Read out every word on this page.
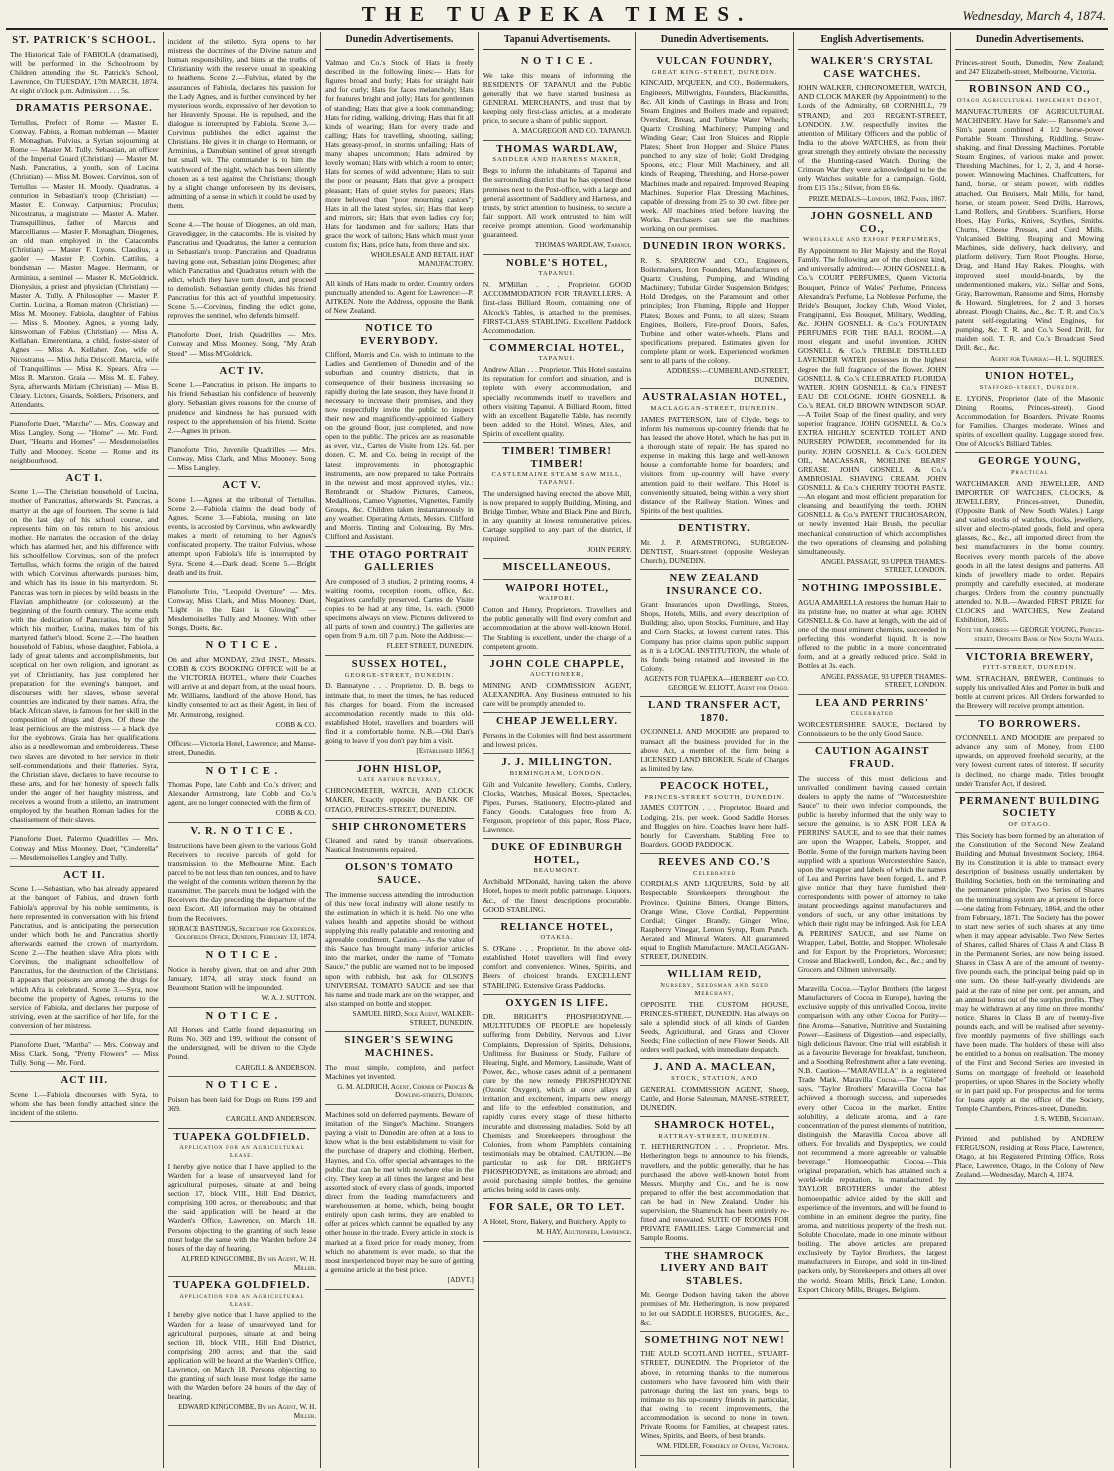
THE TUAPEKA TIMES.	Wednesday, March 4, 1874.
ST. PATRICK'S SCHOOL.
The Historical Tale of FABIOLA (dramatised), will be performed in the Schoolroom by Children attending the St. Patrick's School, Lawrence, On TUESDAY, 17th MARCH, 1874. At eight o'clock p.m. Admission . . . 5s.
DRAMATIS PERSONAE.
Tertullus, Prefect of Rome — Master E. Conway. Fabius, a Roman nobleman — Master F. Monaghan. Fulvius, a Syrian sojourning at Rome — Master M. Tully. Sebastian, an officer of the Imperial Guard (Christian) — Master M. Nash. Pancratius, a youth, son of Lucina (Christian) — Miss M. Bowes. Corvinus, son of Tertullus — Master H. Moody. Quadratus, a centurion in Sebastian's troop (Christian) — Master E. Conway. Catpurnius; Proculus; Nicostratus, a magistrate — Master A. Maher. Transquillinus, father of Marcus and Marcellianus — Master F. Monaghan. Diogenes, an old man employed in the Catacombs (Christian) — Master F. Lyons. Claudius, a gaoler — Master P. Corbin. Cattilus, a bondsman — Master Magee. Hermann, or Arminius, a sentinel — Master K. McGoldrick. Dionysius, a priest and physician (Christian) — Master A. Tully. A Philosopher — Master P. Curtin. Lucina, a Roman matron (Christian) — Miss M. Mooney. Fabiola, daughter of Fabius — Miss S. Mooney. Agnes, a young lady, kinswoman of Fabius (Christian) — Miss A. Kellahan. Emerentiana, a child, foster-sister of Agnes — Miss A. Kellaher. Zoe, wife of Nicostratus — Miss Julia Driscoll. Marcia, wife of Tranquillinus — Miss K. Spears. Afra — Miss R. Marston. Graia — Miss M. E. Fahey. Syra, afterwards Miriam (Christian) — Miss B. Cleary. Lictors, Guards, Soldiers, Prisoners, and Attendants.
Pianoforte Duet, "Marche" — Mrs. Conway and Miss Langley. Song — "Home" — Mr. Ford. Duet, "Hearts and Homes" — Mesdemoiselles Tully and Mooney. Scene — Rome and its neighbourhood.
ACT I.
Scene 1.—The Christian household of Lucina, mother of Pancratius, afterwards St. Pancras, a martyr at the age of fourteen. The scene is laid on the last day of his school course, and represents him on his return to his anxious mother. He narrates the occasion of the delay which has alarmed her, and his difference with his schoolfellow Corvinus, son of the prefect Tertullus, which forms the origin of the hatred with which Corvinus afterwards pursues him, and which has its issue in his martyrdom. St. Pancras was torn in pieces by wild beasts in the Flavian amphitheatre (or colosseum) at the beginning of the fourth century. The scene ends with the dedication of Pancratius, by the gift which his mother, Lucina, makes him of his martyred father's blood. Scene 2.—The heathen household of Fabius, whose daughter, Fabiola, a lady of great talents and accomplishments, but sceptical on her own religion, and ignorant as yet of Christianity, has just completed her preparation for the evening's banquet, and discourses with her slaves, whose several countries are indicated by their names. Afra, the black African slave, is famous for her skill in the composition of drugs and dyes. Of these the least pernicious are the mistress — a black dye for the eyebrows. Graia has her qualifications also as a needlewoman and embroideress. These two slaves are devoted to her service in their self-commendations and their flatteries. Syra, the Christian slave, declares to have recourse to these arts, and for her honesty of speech falls under the anger of her haughty mistress, and receives a wound from a stiletto, an instrument employed by the heathen Roman ladies for the chastisement of their slaves.
Pianoforte Duet, Palermo Quadrilles — Mrs. Conway and Miss Mooney. Duet, "Cinderella" — Mesdemoiselles Langley and Tully.
ACT II.
Scene 1.—Sebastian, who has already appeared at the banquet of Fabius, and drawn forth Fabiola's approval by his noble sentiments, is here represented in conversation with his friend Pancratius, and is anticipating the persecution under which both he and Pancratius shortly afterwards earned the crown of martyrdom. Scene 2.—The heathen slave Afra plots with Corvinus, the malignant schoolfellow of Pancratius, for the destruction of the Christians. It appears that poisons are among the drugs for which Afra is celebrated. Scene 3.—Syra, now become the property of Agnes, returns to the service of Fabiola, and declares her purpose of striving, even at the sacrifice of her life, for the conversion of her mistress.
Pianoforte Duet, "Martha" — Mrs. Conway and Miss Clark. Song, "Pretty Flowers" — Miss Tully. Song — Mr. Ford.
ACT III.
Scene 1.—Fabiola discourses with Syra, to whom she has been fondly attached since the incident of the stiletto.
incident of the stiletto. Syra opens to her mistress the doctrines of the Divine nature and human responsibility, and hints at the truths of Christianity with the reserve usual in speaking to heathens. Scene 2.—Fulvius, elated by the assurances of Fabiola, declares his passion for the Lady Agnes, and is further convinced by her mysterious words, expressive of her devotion to her Heavenly Spouse. He is repulsed, and the dialogue is interrupted by Fabiola. Scene 3.—Corvinus publishes the edict against the Christians. He gives it in charge to Hermann, or Arminius, a Danubian sentinel of great strength but small wit. The commander is to him the watchword of the night, which has been silently chosen as a test against the Christians; though by a slight change unforeseen by its devisers, admitting of a sense in which it could be used by them.
Scene 4.—The house of Diogenes, an old man, Gravedigger, in the catacombs. He is visited by Pancratius and Quadratus, the latter a centurion in Sebastian's troop. Pancratius and Quadratus having gone out, Sebastian joins Diogenes; after which Pancratius and Quadratus return with the edict, which they have torn down, and proceed to demolish. Sebastian gently chides his friend Pancratius for this act of youthful impetuosity. Scene 5.—Corvinus, finding the edict gone, reproves the sentinel, who defends himself.
Pianoforte Duet, Irish Quadrilles — Mrs. Conway and Miss Mooney. Song, "My Arab Steed" — Miss M'Goldrick.
ACT IV.
Scene 1.—Pancratius in prison. He imparts to his friend Sebastian his confidence of heavenly glory. Sebastian gives reasons for the course of prudence and kindness he has pursued with respect to the apprehension of his friend. Scene 2.—Agnes in prison.
Pianoforte Trio, Juvenile Quadrilles — Mrs. Conway, Miss Clark, and Miss Mooney. Song — Miss Langley.
ACT V.
Scene 1.—Agnes at the tribunal of Tertullus. Scene 2.—Fabiola claims the dead body of Agnes. Scene 3.—Fabiola, musing on late events, is accosted by Corvinus, who awkwardly makes a merit of returning to her Agnes's confiscated property. The traitor Fulvius, whose attempt upon Fabiola's life is interrupted by Syra. Scene 4.—Dark dead. Scene 5.—Bright death and its fruit.
Pianoforte Trio, "Leopold Overture" — Mrs. Conway, Miss Clark, and Miss Mooney. Duet, "Light in the East is Glowing" — Mesdemoiselles Tully and Mooney. With other Songs, Duets, &c.
N O T I C E .
On and after MONDAY, 23rd INST., Messrs. COBB & CO'S BOOKING OFFICE will be at the VICTORIA HOTEL, where their Coaches will arrive at and depart from, at the usual hours. Mr. Williams, landlord of the above Hotel, has kindly consented to act as their Agent, in lieu of Mr. Armstrong, resigned.
COBB & CO.
Offices:—Victoria Hotel, Lawrence; and Manse-street, Dunedin.
N O T I C E .
Thomas Pope, late Cobb and Co.'s driver; and Alexander Armstrong, late Cobb and Co.'s agent, are no longer connected with the firm of
COBB & CO.
V. R. N O T I C E .
Instructions have been given to the various Gold Receivers to receive parcels of gold for transmission to the Melbourne Mint. Each parcel to be not less than ten ounces, and to have the weight of the contents written thereon by the transmitter. The parcels must be lodged with the Receivers the day preceding the departure of the next Escort. All information may be obtained from the Receivers.
HORACE BASTINGS, Secretary for Goldfields. Goldfields Office, Dunedin, February 13, 1874.
N O T I C E .
Notice is hereby given, that on and after 20th January, 1874, all stray stock found on Beaumont Station will be impounded.
W. A. J. SUTTON.
N O T I C E .
All Horses and Cattle found depasturing on Runs No. 369 and 199, without the consent of the undersigned, will be driven to the Clyde Pound.
CARGILL & ANDERSON.
N O T I C E .
Poison has been laid for Dogs on Runs 199 and 369.
CARGILL AND ANDERSON.
TUAPEKA GOLDFIELD.
Application for an Agricultural Lease.
I hereby give notice that I have applied to the Warden for a lease of unsurveyed land for agricultural purposes, situate at and being section 17, block VIII., Hill End District, comprising 100 acres, or thereabouts; and that the said application will be heard at the Warden's Office, Lawrence, on March 18. Persons objecting to the granting of such lease must lodge the same with the Warden before 24 hours of the day of hearing.
ALFRED KINGCOMBE, By his Agent, W. H. Miller.
TUAPEKA GOLDFIELD.
Application for an Agricultural Lease.
I hereby give notice that I have applied to the Warden for a lease of unsurveyed land for agricultural purposes, situate at and being section 18, block VIII., Hill End District, comprising 200 acres; and that the said application will be heard at the Warden's Office, Lawrence, on March 18. Persons objecting to the granting of such lease must lodge the same with the Warden before 24 hours of the day of hearing.
EDWARD KINGCOMBE, By his Agent, W. H. Miller.
Dunedin Advertisements.
Valmao and Co.'s Stock of Hats is freely described in the following lines:— Hats for figures broad and burly; Hats for straight hair and for curly; Hats for faces melancholy; Hats for features bright and jolly; Hats for gentlemen of standing; Hats that give a look commanding; Hats for riding, walking, driving; Hats that fit all kinds of wearing; Hats for every trade and calling; Hats for travelling, shooting, sailing; Hats greasy-proof, in storms unfailing; Hats of many shapes uncommon; Hats admired by lovely woman; Hats with which a room to enter; Hats for scenes of wild adventure; Hats to suit the poor or peasant; Hats that give a prospect pleasant; Hats of quiet styles for pastors; Hats more beloved than "poor mourning castors"; Hats in all the latest styles, sir; Hats that keep and mirrors, sir; Hats that even ladies cry for; Hats for landsmen and for sailors; Hats that grace the work of tailors; Hats which must your custom fix; Hats, price hats, from three and six.
WHOLESALE AND RETAIL HAT MANUFACTORY.
All kinds of Hats made to order. Country orders punctually attended to. Agent for Lawrence:—P. AITKEN. Note the Address, opposite the Bank of New Zealand.
NOTICE TO EVERYBODY.
Clifford, Morris and Co. wish to intimate to the Ladies and Gentlemen of Dunedin and of the suburban and country districts, that in consequence of their business increasing so rapidly during the late season, they have found it necessary to increase their premises, and they now respectfully invite the public to inspect their new and magnificently-appointed Gallery on the ground floor, just completed, and now open to the public. The prices are as reasonable as ever, viz., Cartes de Visite from 12s. 6d. per dozen. C. M. and Co. being in receipt of the latest improvements in photographic instruments, are now prepared to take Portraits in the newest and most approved styles, viz.: Rembrandt or Shadow Pictures, Cameos, Medallions, Cameo Vignettes, Vignettes, Family Groups, &c. Children taken instantaneously in any weather. Operating Artists, Messrs. Clifford and Morris. Tinting and Colouring, By Mrs. Clifford and Assistant.
THE OTAGO PORTRAIT GALLERIES
Are composed of 3 studios, 2 printing rooms, 4 waiting rooms, reception room, office, &c. Negatives carefully preserved. Cartes de Visite copies to be had at any time, 1s. each. (9000 specimens always on view. Pictures delivered to all parts of town and country.) The galleries are open from 9 a.m. till 7 p.m. Note the Address:—
FLEET STREET, DUNEDIN.
SUSSEX HOTEL,
GEORGE-STREET, DUNEDIN.
D. Bannatyne . . . Proprietor. D. B. begs to intimate that, to meet the times, he has reduced his charges for board. From the increased accommodation recently made to this old-established Hotel, travellers and boarders will find it a comfortable home. N.B.—Old Dan's going to leave if you don't pay him a visit.
[Established 1856.]
JOHN HISLOP,
Late Arthur Beverly,
CHRONOMETER, WATCH, AND CLOCK MAKER, Exactly opposite the BANK OF OTAGO, PRINCES-STREET, DUNEDIN.
SHIP CHRONOMETERS
Cleaned and rated by transit observations. Nautical Instruments repaired.
OLSON'S TOMATO SAUCE.
The immense success attending the introduction of this new local industry will alone testify to the estimation in which it is held. No one who values health and appetite should be without supplying this really palatable and restoring and agreeable condiment. Caution.—As the value of this Sauce has brought many inferior articles into the market, under the name of "Tomato Sauce," the public are warned not to be imposed upon with rubbish, but ask for OLSON'S UNIVERSAL TOMATO SAUCE and see that his name and trade mark are on the wrapper, and also stamped on bottle and stopper.
SAMUEL BIRD, Sole Agent, WALKER-STREET, DUNEDIN.
SINGER'S SEWING MACHINES.
The most simple, complete, and perfect Machines yet invented.
G. M. ALDRICH, Agent, Corner of Princes & Dowling-streets, Dunedin.
Machines sold on deferred payments. Beware of imitation of the Singer's Machine. Strangers paying a visit to Dunedin are often at a loss to know what is the best establishment to visit for the purchase of drapery and clothing. Herbert, Haynes, and Co. offer special advantages to the public that can be met with nowhere else in the city. They keep at all times the largest and best assorted stock of every class of goods, imported direct from the leading manufacturers and warehousemen at home, which, being bought entirely upon cash terms, they are enabled to offer at prices which cannot be equalled by any other house in the trade. Every article in stock is marked at a fixed price for ready money, from which no abatement is ever made, so that the most inexperienced buyer may be sure of getting a genuine article at the best price.
[ADVT.]
Tapanui Advertisements.
N O T I C E .
We take this means of informing the RESIDENTS OF TAPANUI and the Public generally that we have started business as GENERAL MERCHANTS, and trust that by keeping only first-class articles, at a moderate price, to secure a share of public support.
A. MACGREGOR AND CO. TAPANUI.
THOMAS WARDLAW,
SADDLER AND HARNESS MAKER,
Begs to inform the inhabitants of Tapanui and the surrounding district that he has opened those premises next to the Post-office, with a large and general assortment of Saddlery and Harness, and trusts, by strict attention to business, to secure a fair support. All work entrusted to him will receive prompt attention. Good workmanship guaranteed.
THOMAS WARDLAW, Tapanui.
NOBLE'S HOTEL,
TAPANUI.
N. M'Millan . . . Proprietor. GOOD ACCOMMODATION FOR TRAVELLERS. A first-class Billiard Room, containing one of Alcock's Tables, is attached to the premises. FIRST-CLASS STABLING. Excellent Paddock Accommodation.
COMMERCIAL HOTEL,
TAPANUI.
Andrew Allan . . . Proprietor. This Hotel sustains its reputation for comfort and situation, and is replete with every accommodation, and specially recommends itself to travellers and others visiting Tapanui. A Billiard Room, fitted with an excellent Bagatelle Table, has recently been added to the Hotel. Wines, Ales, and Spirits of excellent quality.
TIMBER! TIMBER! TIMBER!
CASTLEMAINE STEAM SAW MILL, TAPANUI.
The undersigned having erected the above Mill, is now prepared to supply Building, Mining, and Bridge Timber, White and Black Pine and Birch, in any quantity at lowest remunerative prices. Cartage supplied to any part of the district, if required.
JOHN PERRY.
MISCELLANEOUS.
WAIPORI HOTEL,
WAIPORI.
Cotton and Henry, Proprietors. Travellers and the public generally will find every comfort and accommodation at the above well-known Hotel. The Stabling is excellent, under the charge of a competent groom.
JOHN COLE CHAPPLE,
AUCTIONEER,
MINING AND COMMISSION AGENT, ALEXANDRA. Any Business entrusted to his care will be promptly attended to.
CHEAP JEWELLERY.
Persons in the Colonies will find best assortment and lowest prices.
J. J. MILLINGTON.
BIRMINGHAM, LONDON.
Gilt and Vulcanite Jewellery, Combs, Cutlery, Clocks, Watches, Musical Boxes, Spectacles, Pipes, Purses, Stationery, Electro-plated and Fancy Goods. Catalogues free from A. Ferguson, proprietor of this paper, Ross Place, Lawrence.
DUKE OF EDINBURGH HOTEL,
BEAUMONT.
Archibald M'Donald, having taken the above Hotel, hopes to merit public patronage. Liquors, &c., of the finest descriptions procurable. GOOD STABLING.
RELIANCE HOTEL,
OTAKIA.
S. O'Kane . . . Proprietor. In the above old-established Hotel travellers will find every comfort and convenience. Wines, Spirits, and Beers of choicest brands. EXCELLENT STABLING. Extensive Grass Paddocks.
OXYGEN IS LIFE.
DR. BRIGHT'S PHOSPHODYNE.—MULTITUDES OF PEOPLE are hopelessly suffering from Debility, Nervous and Liver Complaints, Depression of Spirits, Delusions, Unfitness for Business or Study, Failure of Hearing, Sight, and Memory, Lassitude, Want of Power, &c., whose cases admit of a permanent cure by the new remedy PHOSPHODYNE (Ozonic Oxygen), which at once allays all irritation and excitement, imparts new energy and life to the enfeebled constitution, and rapidly cures every stage of these hitherto incurable and distressing maladies. Sold by all Chemists and Storekeepers throughout the Colonies, from whom Pamphlets containing testimonials may be obtained. CAUTION.—Be particular to ask for DR. BRIGHT'S PHOSPHODYNE, as imitations are abroad; and avoid purchasing simple bottles, the genuine articles being sold in cases only.
FOR SALE, OR TO LET.
A Hotel, Store, Bakery, and Butchery. Apply to
M. HAY, Auctioneer, Lawrence.
Dunedin Advertisements.
VULCAN FOUNDRY,
GREAT KING-STREET, DUNEDIN.
KINCAID, M'QUEEN, and CO., Boilermakers, Engineers, Millwrights, Founders, Blacksmiths, &c. All kinds of Castings in Brass and Iron; Steam Engines and Boilers made and repaired; Overshot, Breast, and Turbine Water Wheels; Quartz Crushing Machinery; Pumping and Winding Gear; Cast Iron Sluices and Ripple Plates; Sheet Iron Hopper and Sluice Plates punched to any size of hole; Gold Dredging Spoons, etc.; Flour Mill Machinery, and all kinds of Reaping, Threshing, and Horse-power Machines made and repaired. Improved Reaping Machines. Superior Flax Dressing Machines, capable of dressing from 25 to 30 cwt. fibre per week. All machines tried before leaving the Works. Purchasers can see the machines working on our premises.
DUNEDIN IRON WORKS.
R. S. SPARROW and CO., Engineers, Boilermakers, Iron Founders, Manufacturers of Quartz Crushing, Pumping, and Winding Machinery; Tubular Girder Suspension Bridges; Hold Dredges, on the Paramount and other principles; Iron Fluming, Ripple and Hopper Plates; Boxes and Punts, to all sizes; Steam Engines, Boilers, Fire-proof Doors, Safes, Turbine and other water-wheels. Plans and specifications prepared. Estimates given for complete plant or work. Experienced workmen sent to all parts of the colony.
ADDRESS:—CUMBERLAND-STREET, DUNEDIN.
AUSTRALASIAN HOTEL,
MACLAGGAN-STREET, DUNEDIN.
JAMES PATTERSON, late of Clyde, begs to inform his numerous up-country friends that he has leased the above Hotel, which he has put in a thorough state of repair. He has spared no expense in making this large and well-known house a comfortable home for boarders; and visitors from up-country will have every attention paid to their welfare. This Hotel is conveniently situated, being within a very short distance of the Railway Station. Wines and Spirits of the best qualities.
DENTISTRY.
Mr. J. P. ARMSTRONG, SURGEON-DENTIST, Stuart-street (opposite Wesleyan Church), DUNEDIN.
NEW ZEALAND INSURANCE CO.
Grant Insurances upon Dwellings, Stores, Shops, Hotels, Mills, and every description of Building; also, upon Stocks, Furniture, and Hay and Corn Stacks, at lowest current rates. This Company has prior claims upon public support as it is a LOCAL INSTITUTION, the whole of its funds being retained and invested in the Colony.
AGENTS FOR TUAPEKA—HERBERT and CO. GEORGE W. ELIOTT, Agent for Otago.
LAND TRANSFER ACT, 1870.
O'CONNELL AND MOODIE are prepared to transact all the business provided for in the above Act, a member of the firm being a LICENSED LAND BROKER. Scale of Charges as limited by law.
PEACOCK HOTEL,
PRINCES-STREET SOUTH, DUNEDIN.
JAMES COTTON . . . Proprietor. Board and Lodging, 21s. per week. Good Saddle Horses and Buggies on hire. Coaches leave here half-hourly for Caversham. Stabling Free to Boarders. GOOD PADDOCK.
REEVES AND CO.'S
Celebrated
CORDIALS AND LIQUEURS, Sold by all Respectable Storekeepers throughout the Province. Quinine Bitters, Orange Bitters, Orange Wine, Clove Cordial, Peppermint Cordial; Ginger Brandy, Ginger Wine, Raspberry Vinegar, Lemon Syrup, Rum Punch. Aerated and Mineral Waters. All guaranteed equal to English Manufacture. MACLAGGAN-STREET, DUNEDIN.
WILLIAM REID,
Nursery, Seedsman and Seed Merchant,
OPPOSITE THE CUSTOM HOUSE, PRINCES-STREET, DUNEDIN. Has always on sale a splendid stock of all kinds of Garden Seeds, Agricultural, and Grass and Clover Seeds; Fine collection of new Flower Seeds. All orders well packed, with immediate despatch.
J. AND A. MACLEAN,
STOCK, STATION, AND
GENERAL COMMISSION AGENT, Sheep, Cattle, and Horse Salesman, MANSE-STREET, DUNEDIN.
SHAMROCK HOTEL,
RATTRAY-STREET, DUNEDIN.
T. HETHERINGTON . . . Proprietor. Mrs. Hetherington begs to announce to his friends, travellers, and the public generally, that he has purchased the above well-known hotel from Messrs. Murphy and Co., and he is now prepared to offer the best accommodation that can be had in New Zealand. Under his supervision, the Shamrock has been entirely re-fitted and renovated. SUITE OF ROOMS FOR PRIVATE FAMILIES. Large Commercial and Sample Rooms.
THE SHAMROCK LIVERY AND BAIT STABLES.
Mr. George Dodson having taken the above premises of Mr. Hetherington, is now prepared to let out SADDLE HORSES, BUGGIES, &c., &c.
SOMETHING NOT NEW!
THE AULD SCOTLAND HOTEL, STUART-STREET, DUNEDIN. The Proprietor of the above, in returning thanks to the numerous customers who have favoured him with their patronage during the last ten years, begs to intimate to his up-country friends in particular, that owing to recent improvements, the accommodation is second to none in town. Private Rooms for Families, at cheapest rates. Wines, Spirits, and Beers, of best brands.
WM. FIDLER, Formerly of Ovens, Victoria.
English Advertisements.
WALKER'S CRYSTAL CASE WATCHES.
JOHN WALKER, CHRONOMETER, WATCH, AND CLOCK MAKER (by Appointment) to the Lords of the Admiralty, 68 CORNHILL, 79 STRAND; and 203 REGENT-STREET, LONDON. J.W. respectfully invites the attention of Military Officers and the public of India to the above WATCHES, as from their great strength they entirely obviate the necessity of the Hunting-cased Watch. During the Crimean War they were acknowledged to be the only Watches suitable for a campaign. Gold, from £15 15s.; Silver, from £6 6s.
PRIZE MEDALS—London, 1862. Paris, 1867.
JOHN GOSNELL AND CO.,
Wholesale and Export PERFUMERS,
By Appointment to Her Majesty and the Royal Family. The following are of the choicest kind, and universally admired:— JOHN GOSNELL & Co.'s COURT PERFUMES, Queen Victoria Bouquet, Prince of Wales' Perfume, Princess Alexandra's Perfume, La Noblesse Perfume, the Bride's Bouquet, Jockey Club, Wood Violet, Frangipanni, Ess Bouquet, Military, Wedding, &c. JOHN GOSNELL & Co.'s FOUNTAIN PERFUMES FOR THE BALL ROOM.—A most elegant and useful invention. JOHN GOSNELL & Co.'s TREBLE DISTILLED LAVENDER WATER possesses in the highest degree the full fragrance of the flower. JOHN GOSNELL & Co.'s CELEBRATED FLORIDA WATER. JOHN GOSNELL & Co.'s FINEST EAU DE COLOGNE. JOHN GOSNELL & Co.'s REAL OLD BROWN WINDSOR SOAP.—A Toilet Soap of the finest quality, and very superior fragrance. JOHN GOSNELL & Co.'s EXTRA HIGHLY SCENTED TOILET AND NURSERY POWDER, recommended for its purity. JOHN GOSNELL & Co.'s GOLDEN OIL, MACASSAR, MOELINE BEARS' GREASE. JOHN GOSNELL & Co.'s AMBROSIAL SHAVING CREAM. JOHN GOSNELL & Co.'s CHERRY TOOTH PASTE.—An elegant and most efficient preparation for cleansing and beautifying the teeth. JOHN GOSNELL & Co.'s PATENT TRICHOSARON, or newly invented Hair Brush, the peculiar mechanical construction of which accomplishes the two operations of cleansing and polishing simultaneously.
ANGEL PASSAGE, 93 UPPER THAMES-STREET, LONDON.
NOTHING IMPOSSIBLE.
AGUA AMARELLA restores the human Hair to its pristine hue, no matter at what age. JOHN GOSNELL & Co. have at length, with the aid of one of the most eminent chemists, succeeded in perfecting this wonderful liquid. It is now offered to the public in a more concentrated form, and at a greatly reduced price. Sold in Bottles at 3s. each.
ANGEL PASSAGE, 93 UPPER THAMES-STREET, LONDON.
LEA AND PERRINS'
Celebrated
WORCESTERSHIRE SAUCE, Declared by Connoisseurs to be the only Good Sauce.
CAUTION AGAINST FRAUD.
The success of this most delicious and unrivalled condiment having caused certain dealers to apply the name of "Worcestershire Sauce" to their own inferior compounds, the public is hereby informed that the only way to secure the genuine, is to ASK FOR LEA & PERRINS' SAUCE, and to see that their names are upon the Wrapper, Labels, Stopper, and Bottle. Some of the foreign markets having been supplied with a spurious Worcestershire Sauce, upon the wrapper and labels of which the names of Lea and Perrins have been forged, L. and P. give notice that they have furnished their correspondents with power of attorney to take instant proceedings against manufacturers and vendors of such, or any other imitations by which their right may be infringed. Ask for LEA & PERRINS' SAUCE, and see Name on Wrapper, Label, Bottle, and Stopper. Wholesale and for Export by the Proprietors, Worcester; Crosse and Blackwell, London, &c., &c.; and by Grocers and Oilmen universally.
Maravilla Cocoa.—Taylor Brothers (the largest Manufacturers of Cocoa in Europe), having the exclusive supply of this unrivalled Cocoa, invite comparison with any other Cocoa for Purity—fine Aroma—Sanative, Nutritive and Sustaining Power—Easiness of Digestion—and especially, high delicious flavour. One trial will establish it as a favourite Beverage for breakfast, luncheon, and a Soothing Refreshment after a late evening. N.B. Caution—"MARAVILLA" is a registered Trade Mark. Maravilla Cocoa.—The "Globe" says, "Taylor Brothers' Maravilla Cocoa has achieved a thorough success, and supersedes every other Cocoa in the market. Entire solubility, a delicate aroma, and a rare concentration of the purest elements of nutrition, distinguish the Maravilla Cocoa above all others. For Invalids and Dyspeptics, we could not recommend a more agreeable or valuable beverage." Homoeopathic Cocoa.—This original preparation, which has attained such a world-wide reputation, is manufactured by TAYLOR BROTHERS under the ablest homoeopathic advice aided by the skill and experience of the inventors, and will be found to combine in an eminent degree the purity, fine aroma, and nutritious property of the fresh nut. Soluble Chocolate, made in one minute without boiling. The above articles are prepared exclusively by Taylor Brothers, the largest manufacturers in Europe, and sold in tin-lined packets only, by Storekeepers and others all over the world. Steam Mills, Brick Lane, London. Export Chicory Mills, Bruges, Belgium.
Dunedin Advertisements.
Princes-street South, Dunedin, New Zealand; and 247 Elizabeth-street, Melbourne, Victoria.
ROBINSON AND CO.,
Otago Agricultural Implement Depot,
MANUFACTURERS OF AGRICULTURAL MACHINERY. Have for Sale:— Ransome's and Sim's patent combined 4 1/2 horse-power Portable Steam Threshing, Riddling, Straw-shaking, and final Dressing Machines. Portable Steam Engines, of various make and power. Threshing Machines, for 1, 2, 3, and 4 horse-power. Winnowing Machines. Chaffcutters, for hand, horse, or steam power, with riddles attached. Oat Bruisers, Malt Mills, for hand, horse, or steam power. Seed Drills, Harrows, Land Rollers, and Grubbers. Scarifiers, Horse Hoes, Hay Forks, Knives, Scythes, Smiths. Churns, Cheese Presses, and Curd Mills. Vulcanised Belting. Reaping and Mowing Machines, side delivery, back delivery, and platform delivery. Turn Root Ploughs. Horse, Drag, and Hand Hay Rakes. Ploughs, with improved steel mould-boards, by the undermentioned makers, viz.: Sellar and Sons, Gray, Barrowman, Ransome and Sims, Hornsby & Howard. Singletrees, for 2 and 3 horses abreast. Plough Chains, &c., &c. T. R. and Co.'s patent self-regulating Wind Engines, for pumping, &c. T. R. and Co.'s Seed Drill, for maiden soil. T. R. and Co.'s Broadcast Seed Drill. &c., &c.
Agent for Tuapeka:—H. L. SQUIRES.
UNION HOTEL,
Stafford-street, Dunedin.
E. LYONS, Proprietor (late of the Masonic Dining Rooms, Princes-street). Good Accommodation for Boarders. Private Rooms for Families. Charges moderate. Wines and spirits of excellent quality. Luggage stored free. One of Alcock's Billiard Tables.
GEORGE YOUNG,
Practical
WATCHMAKER AND JEWELLER, AND IMPORTER OF WATCHES, CLOCKS, & JEWELLERY, Princes-street, Dunedin, (Opposite Bank of New South Wales.) Large and varied stocks of watches, clocks, jewellery, silver and electro-plated goods, field and opera glasses, &c., &c., all imported direct from the best manufacturers in the home country. Receives every month parcels of the above goods in all the latest designs and patterns. All kinds of jewellery made to order. Repairs promptly and carefully executed, at moderate charges. Orders from the country punctually attended to. N.B.—Awarded FIRST PRIZE for CLOCKS and WATCHES, New Zealand Exhibition, 1865.
Note the Address — GEORGE YOUNG, Princes-street, Opposite Bank of New South Wales.
VICTORIA BREWERY,
FITT-STREET, DUNEDIN.
WM. STRACHAN, BREWER, Continues to supply his unrivalled Ales and Porter in bulk and bottle at current prices. All Orders forwarded to the Brewery will receive prompt attention.
TO BORROWERS.
O'CONNELL AND MOODIE are prepared to advance any sum of Money, from £100 upwards, on approved freehold security, at the very lowest current rates of interest. If security is declined, no charge made. Titles brought under Transfer Act, if desired.
PERMANENT BUILDING SOCIETY
OF OTAGO.
This Society has been formed by an alteration of the Constitution of the Second New Zealand Building and Mutual Investment Society, 1864. By its Constitution it is able to transact every description of business usually undertaken by Building Societies, both on the terminating and the permanent principle. Two Series of Shares on the terminating system are at present in force—one dating from February, 1864, and the other from February, 1871. The Society has the power to start new series of such shares at any time when it may appear advisable. Two New Series of Shares, called Shares of Class A and Class B in the Permanent Series, are now being issued. Shares in Class A are of the amount of twenty-five pounds each, the principal being paid up in one sum. On these half-yearly dividends are paid at the rate of nine per cent. per annum, and an annual bonus out of the surplus profits. They may be withdrawn at any time on three months' notice. Shares in Class B are of twenty-five pounds each, and will be realised after seventy-five monthly payments of five shillings each have been made. The holders of these will also be entitled to a bonus on realisation. The money of the First and Second Series are invested in Sums on mortgage of freehold or leasehold properties, or upon Shares in the Society wholly or in part paid up. For prospectus and for terms for loans apply at the office of the Society, Temple Chambers, Princes-street, Dunedin.
J. S. WEBB, Secretary.
Printed and published by ANDREW FERGUSON, residing at Ross Place, Lawrence, Otago, at his Registered Printing Office, Ross Place, Lawrence, Otago, in the Colony of New Zealand.—Wednesday, March 4, 1874.
